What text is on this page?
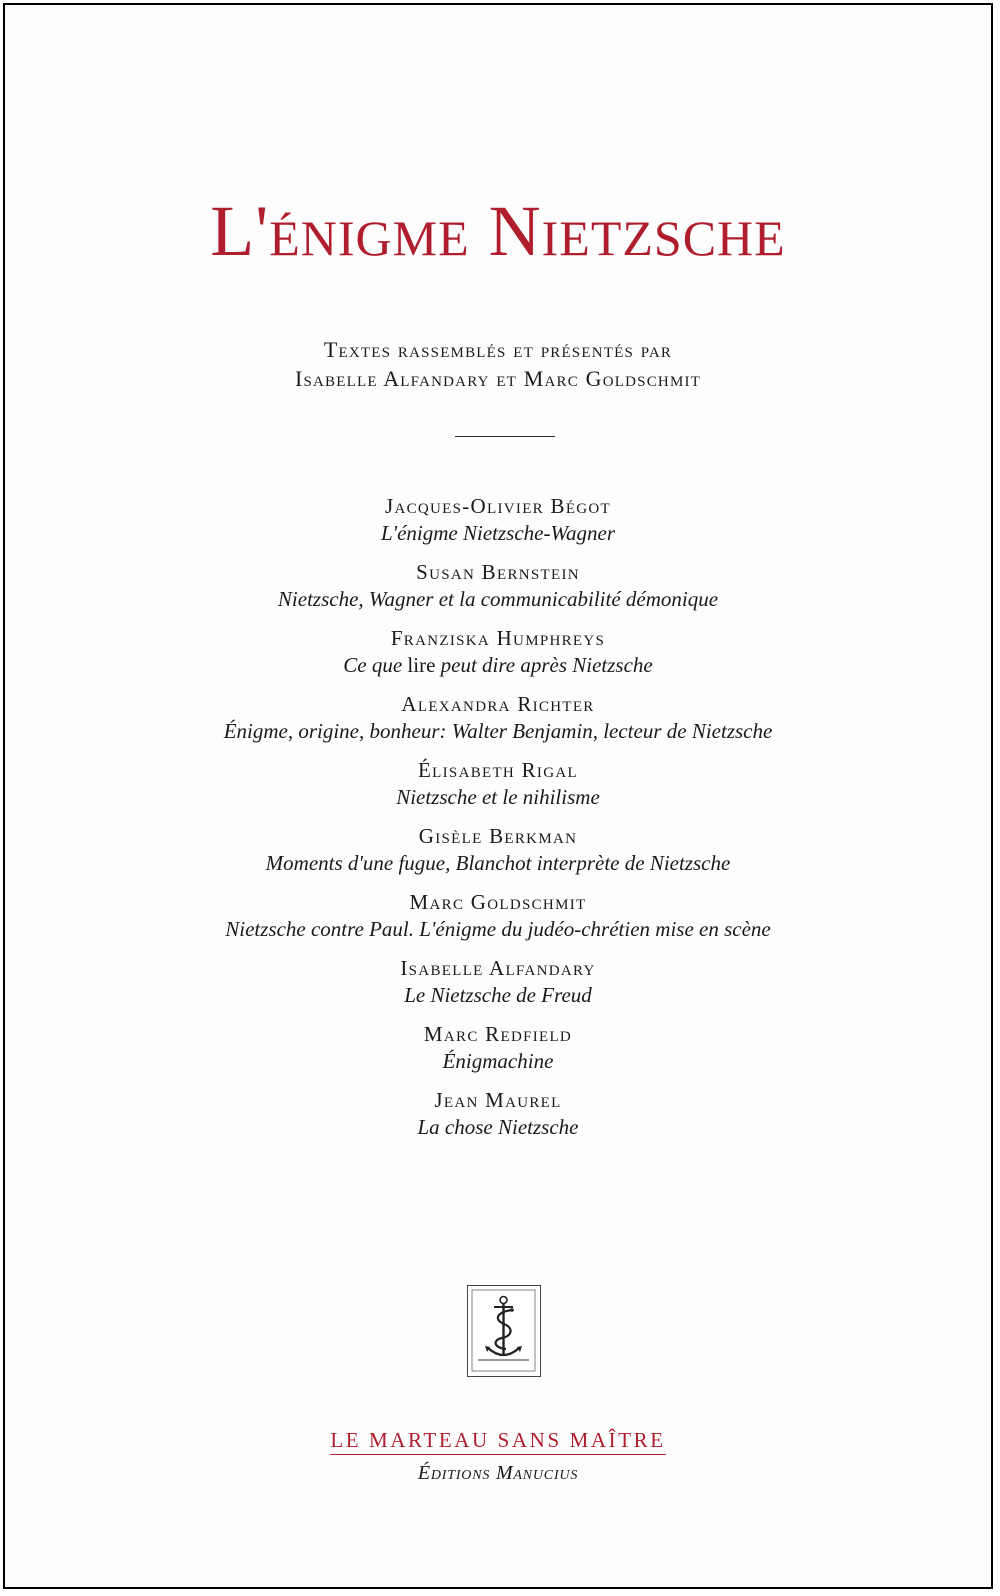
L'énigme Nietzsche
Textes rassemblés et présentés par
Isabelle Alfandary et Marc Goldschmit
Jacques-Olivier Bégot
L'énigme Nietzsche-Wagner
Susan Bernstein
Nietzsche, Wagner et la communicabilité démonique
Franziska Humphreys
Ce que lire peut dire après Nietzsche
Alexandra Richter
Énigme, origine, bonheur: Walter Benjamin, lecteur de Nietzsche
Élisabeth Rigal
Nietzsche et le nihilisme
Gisèle Berkman
Moments d'une fugue, Blanchot interprète de Nietzsche
Marc Goldschmit
Nietzsche contre Paul. L'énigme du judéo-chrétien mise en scène
Isabelle Alfandary
Le Nietzsche de Freud
Marc Redfield
Énigmachine
Jean Maurel
La chose Nietzsche
LE MARTEAU SANS MAÎTRE
Éditions Manucius
